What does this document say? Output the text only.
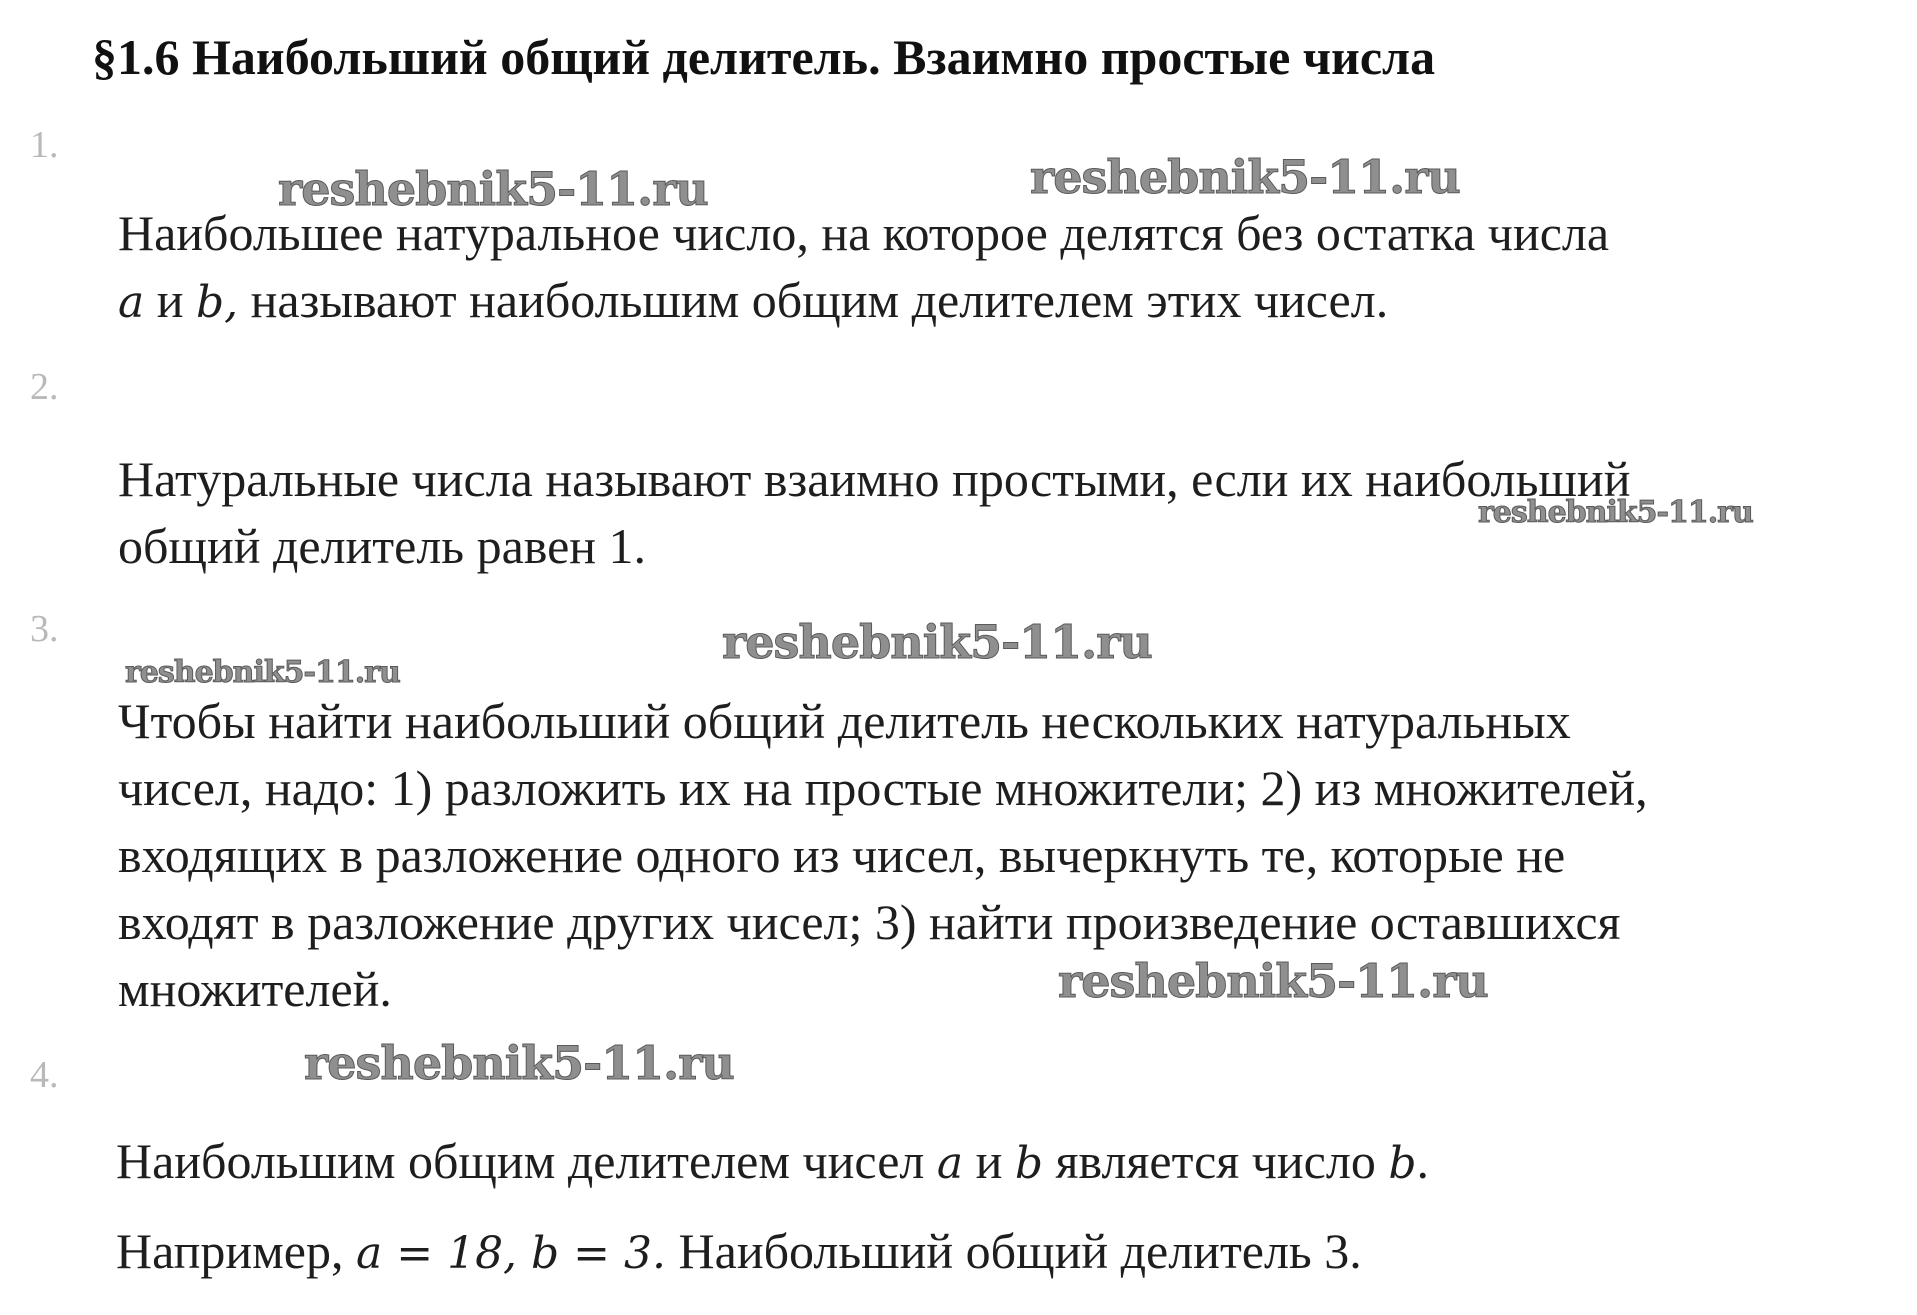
§1.6 Наибольший общий делитель. Взаимно простые числа
1.
2.
3.
4.
Наибольшее натуральное число, на которое делятся без остатка числа
a и b, называют наибольшим общим делителем этих чисел.
Натуральные числа называют взаимно простыми, если их наибольший
общий делитель равен 1.
Чтобы найти наибольший общий делитель нескольких натуральных
чисел, надо: 1) разложить их на простые множители; 2) из множителей,
входящих в разложение одного из чисел, вычеркнуть те, которые не
входят в разложение других чисел; 3) найти произведение оставшихся
множителей.
Наибольшим общим делителем чисел a и b является число b.
Например, a = 18, b = 3. Наибольший общий делитель 3.
reshebnik5-11.ru	reshebnik5-11.ru
reshebnik5-11.ru
reshebnik5-11.ru
reshebnik5-11.ru
reshebnik5-11.ru
reshebnik5-11.ru
